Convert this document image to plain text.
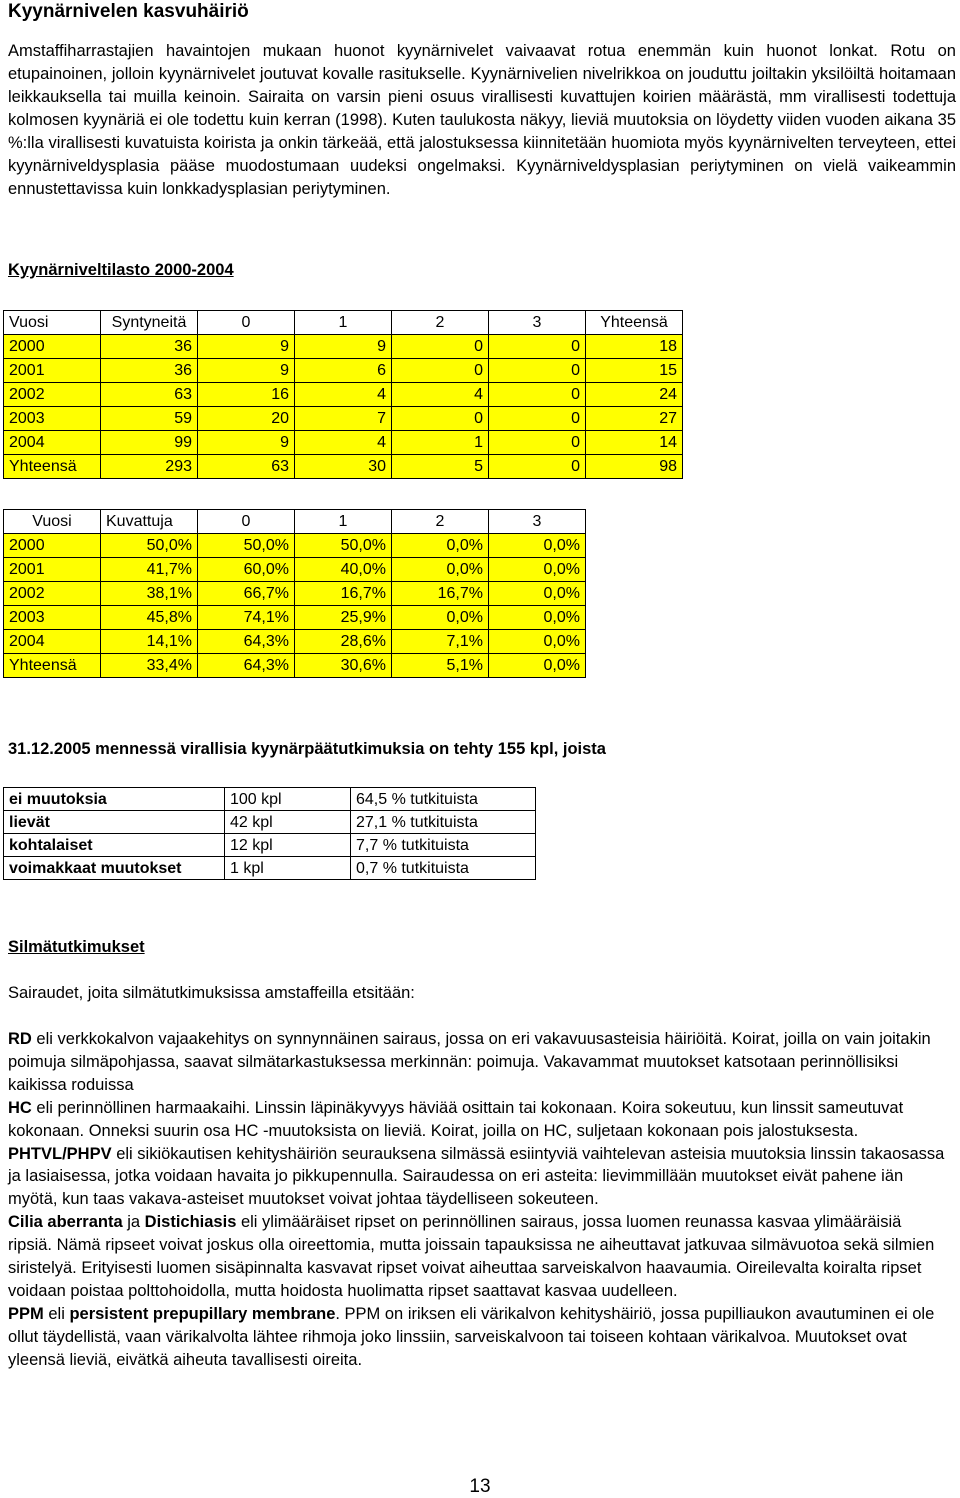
Kyynärnivelen kasvuhäiriö

Amstaffiharrastajien havaintojen mukaan huonot kyynärnivelet vaivaavat rotua enemmän kuin huonot lonkat. Rotu on etupainoinen, jolloin kyynärnivelet joutuvat kovalle rasitukselle. Kyynärnivelien nivelrikkoa on jouduttu joiltakin yksilöiltä hoitamaan leikkauksella tai muilla keinoin. Sairaita on varsin pieni osuus virallisesti kuvattujen koirien määrästä, mm virallisesti todettuja kolmosen kyynäriä ei ole todettu kuin kerran (1998). Kuten taulukosta näkyy, lieviä muutoksia on löydetty viiden vuoden aikana 35 %:lla virallisesti kuvatuista koirista ja onkin tärkeää, että jalostuksessa kiinnitetään huomiota myös kyynärnivelten terveyteen, ettei kyynärniveldysplasia pääse muodostumaan uudeksi ongelmaksi. Kyynärniveldysplasian periytyminen on vielä vaikeammin ennustettavissa kuin lonkkadysplasian periytyminen.

Kyynärniveltilasto 2000-2004

Vuosi	Syntyneitä	0	1	2	3	Yhteensä
2000	36	9	9	0	0	18
2001	36	9	6	0	0	15
2002	63	16	4	4	0	24
2003	59	20	7	0	0	27
2004	99	9	4	1	0	14
Yhteensä	293	63	30	5	0	98
Vuosi	Kuvattuja	0	1	2	3
2000	50,0%	50,0%	50,0%	0,0%	0,0%
2001	41,7%	60,0%	40,0%	0,0%	0,0%
2002	38,1%	66,7%	16,7%	16,7%	0,0%
2003	45,8%	74,1%	25,9%	0,0%	0,0%
2004	14,1%	64,3%	28,6%	7,1%	0,0%
Yhteensä	33,4%	64,3%	30,6%	5,1%	0,0%

31.12.2005 mennessä virallisia kyynärpäätutkimuksia on tehty 155 kpl, joista

ei muutoksia	100 kpl	64,5 % tutkituista
lievät	42 kpl	27,1 % tutkituista
kohtalaiset	12 kpl	7,7 % tutkituista
voimakkaat muutokset	1 kpl	0,7 % tutkituista

Silmätutkimukset

Sairaudet, joita silmätutkimuksissa amstaffeilla etsitään:

RD eli verkkokalvon vajaakehitys on synnynnäinen sairaus, jossa on eri vakavuusasteisia häiriöitä. Koirat, joilla on vain joitakin poimuja silmäpohjassa, saavat silmätarkastuksessa merkinnän: poimuja. Vakavammat muutokset katsotaan perinnöllisiksi kaikissa roduissa

HC eli perinnöllinen harmaakaihi. Linssin läpinäkyvyys häviää osittain tai kokonaan. Koira sokeutuu, kun linssit sameutuvat kokonaan. Onneksi suurin osa HC -muutoksista on lieviä. Koirat, joilla on HC, suljetaan kokonaan pois jalostuksesta.

PHTVL/PHPV eli sikiökautisen kehityshäiriön seurauksena silmässä esiintyviä vaihtelevan asteisia muutoksia linssin takaosassa ja lasiaisessa, jotka voidaan havaita jo pikkupennulla. Sairaudessa on eri asteita: lievimmillään muutokset eivät pahene iän myötä, kun taas vakava-asteiset muutokset voivat johtaa täydelliseen sokeuteen.

Cilia aberranta ja Distichiasis eli ylimääräiset ripset on perinnöllinen sairaus, jossa luomen reunassa kasvaa ylimääräisiä ripsiä. Nämä ripseet voivat joskus olla oireettomia, mutta joissain tapauksissa ne aiheuttavat jatkuvaa silmävuotoa sekä silmien siristelyä. Erityisesti luomen sisäpinnalta kasvavat ripset voivat aiheuttaa sarveiskalvon haavaumia. Oireilevalta koiralta ripset voidaan poistaa polttohoidolla, mutta hoidosta huolimatta ripset saattavat kasvaa uudelleen.

PPM eli persistent prepupillary membrane. PPM on iriksen eli värikalvon kehityshäiriö, jossa pupilliaukon avautuminen ei ole ollut täydellistä, vaan värikalvolta lähtee rihmoja joko linssiin, sarveiskalvoon tai toiseen kohtaan värikalvoa. Muutokset ovat yleensä lieviä, eivätkä aiheuta tavallisesti oireita.

13
